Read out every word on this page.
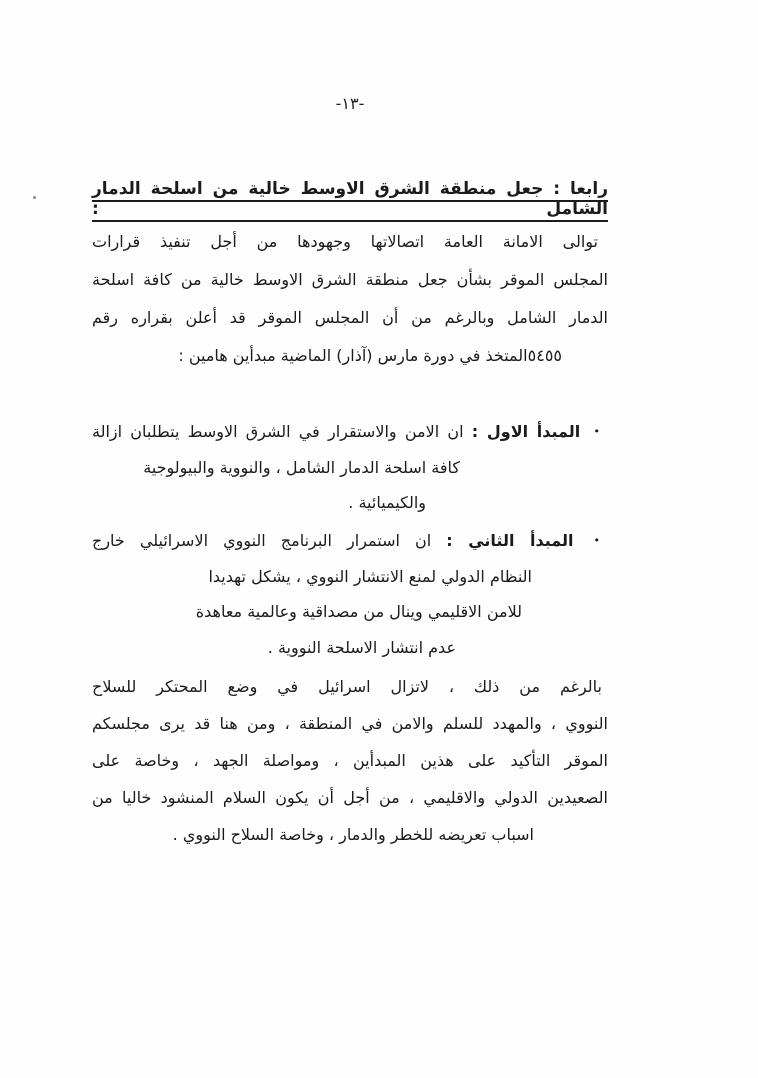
-١٣-
رابعا : جعل منطقة الشرق الاوسط خالية من اسلحة الدمار الشامل :
توالى الامانة العامة اتصالاتها وجهودها من أجل تنفيذ قرارات
المجلس الموقر بشأن جعل منطقة الشرق الاوسط خالية من كافة اسلحة
الدمار الشامل وبالرغم من أن المجلس الموقر قد أعلن بقراره رقم
٥٤٥٥المتخذ في دورة مارس (آذار) الماضية مبدأين هامين :
• المبدأ الاول : ان الامن والاستقرار في الشرق الاوسط يتطلبان ازالة
كافة اسلحة الدمار الشامل ، والنووية والبيولوجية
والكيميائية .
• المبدأ الثاني : ان استمرار البرنامج النووي الاسرائيلي خارج
النظام الدولي لمنع الانتشار النووي ، يشكل تهديدا
للامن الاقليمي وينال من مصداقية وعالمية معاهدة
عدم انتشار الاسلحة النووية .
بالرغم من ذلك ، لاتزال اسرائيل في وضع المحتكر للسلاح
النووي ، والمهدد للسلم والامن في المنطقة ، ومن هنا قد يرى مجلسكم
الموقر التأكيد على هذين المبدأين ، ومواصلة الجهد ، وخاصة على
الصعيدين الدولي والاقليمي ، من أجل أن يكون السلام المنشود خاليا من
اسباب تعريضه للخطر والدمار ، وخاصة السلاح النووي .
